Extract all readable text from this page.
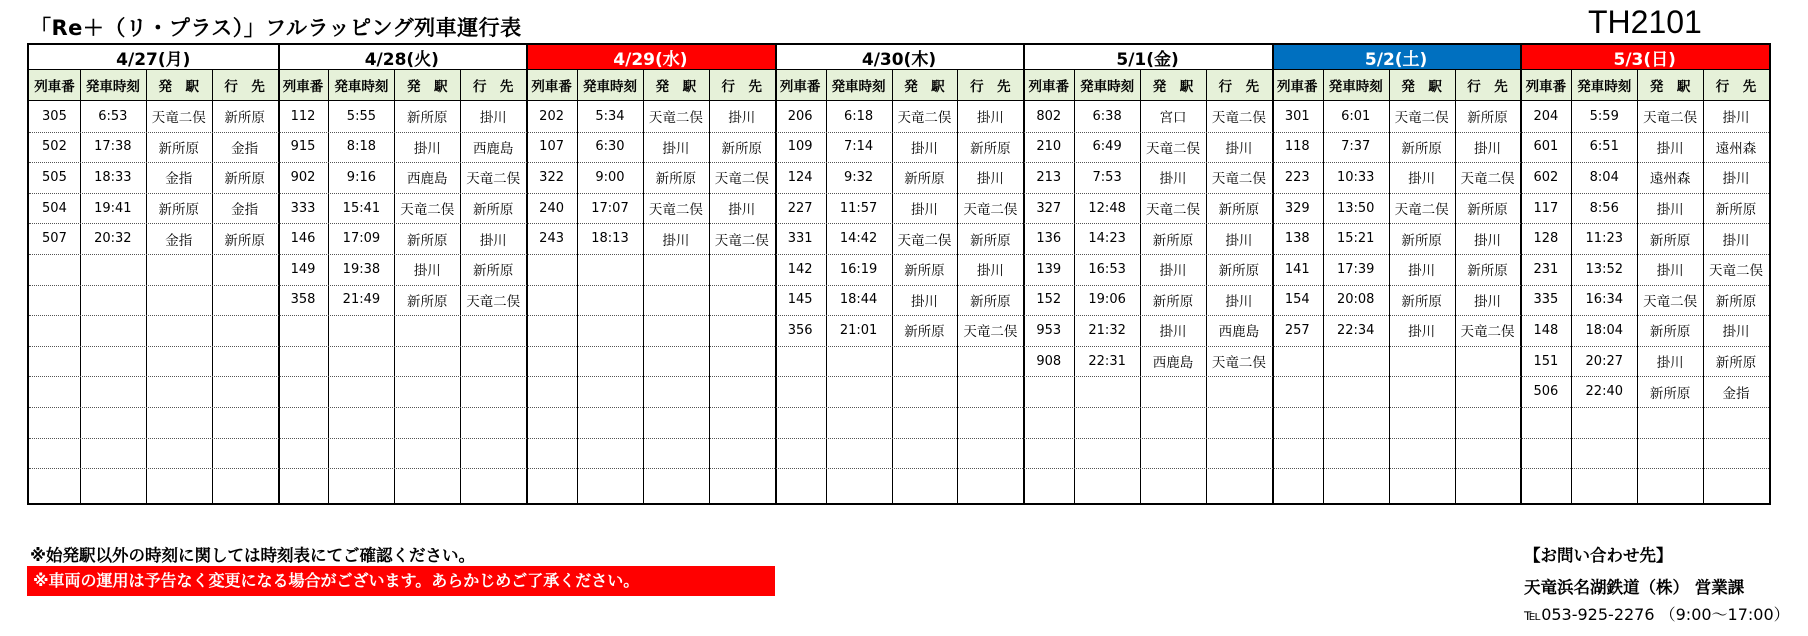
「Re＋（リ・プラス）」フルラッピング列車運行表	TH2101
4/27(月)
列車番 発車時刻	発　駅	行　先
305	6:53	天竜二俣	新所原
502	17:38	新所原	金指
505	18:33	金指	新所原
504	19:41	新所原	金指
507	20:32	金指	新所原
4/28(火)
列車番 発車時刻	発　駅	行　先
112	5:55	新所原	掛川
915	8:18	掛川	西鹿島
902	9:16	西鹿島	天竜二俣
333	15:41	天竜二俣	新所原
146	17:09	新所原	掛川
149	19:38	掛川	新所原
358	21:49	新所原	天竜二俣
4/29(水)
列車番 発車時刻	発　駅	行　先
202	5:34	天竜二俣	掛川
107	6:30	掛川	新所原
322	9:00	新所原	天竜二俣
240	17:07	天竜二俣	掛川
243	18:13	掛川	天竜二俣
4/30(木)
列車番 発車時刻	発　駅	行　先
206	6:18	天竜二俣	掛川
109	7:14	掛川	新所原
124	9:32	新所原	掛川
227	11:57	掛川	天竜二俣
331	14:42	天竜二俣	新所原
142	16:19	新所原	掛川
145	18:44	掛川	新所原
356	21:01	新所原	天竜二俣
5/1(金)
列車番 発車時刻	発　駅	行　先
802	6:38	宮口	天竜二俣
210	6:49	天竜二俣	掛川
213	7:53	掛川	天竜二俣
327	12:48	天竜二俣	新所原
136	14:23	新所原	掛川
139	16:53	掛川	新所原
152	19:06	新所原	掛川
953	21:32	掛川	西鹿島
908	22:31	西鹿島	天竜二俣
5/2(土)
列車番 発車時刻	発　駅	行　先
301	6:01	天竜二俣	新所原
118	7:37	新所原	掛川
223	10:33	掛川	天竜二俣
329	13:50	天竜二俣	新所原
138	15:21	新所原	掛川
141	17:39	掛川	新所原
154	20:08	新所原	掛川
257	22:34	掛川	天竜二俣
5/3(日)
列車番 発車時刻	発　駅	行　先
204	5:59	天竜二俣	掛川
601	6:51	掛川	遠州森
602	8:04	遠州森	掛川
117	8:56	掛川	新所原
128	11:23	新所原	掛川
231	13:52	掛川	天竜二俣
335	16:34	天竜二俣	新所原
148	18:04	新所原	掛川
151	20:27	掛川	新所原
506	22:40	新所原	金指
※始発駅以外の時刻に関しては時刻表にてご確認ください。
※車両の運用は予告なく変更になる場合がございます。あらかじめご了承ください。
【お問い合わせ先】
天竜浜名湖鉄道（株） 営業課
℡053-925-2276 （9:00～17:00）
